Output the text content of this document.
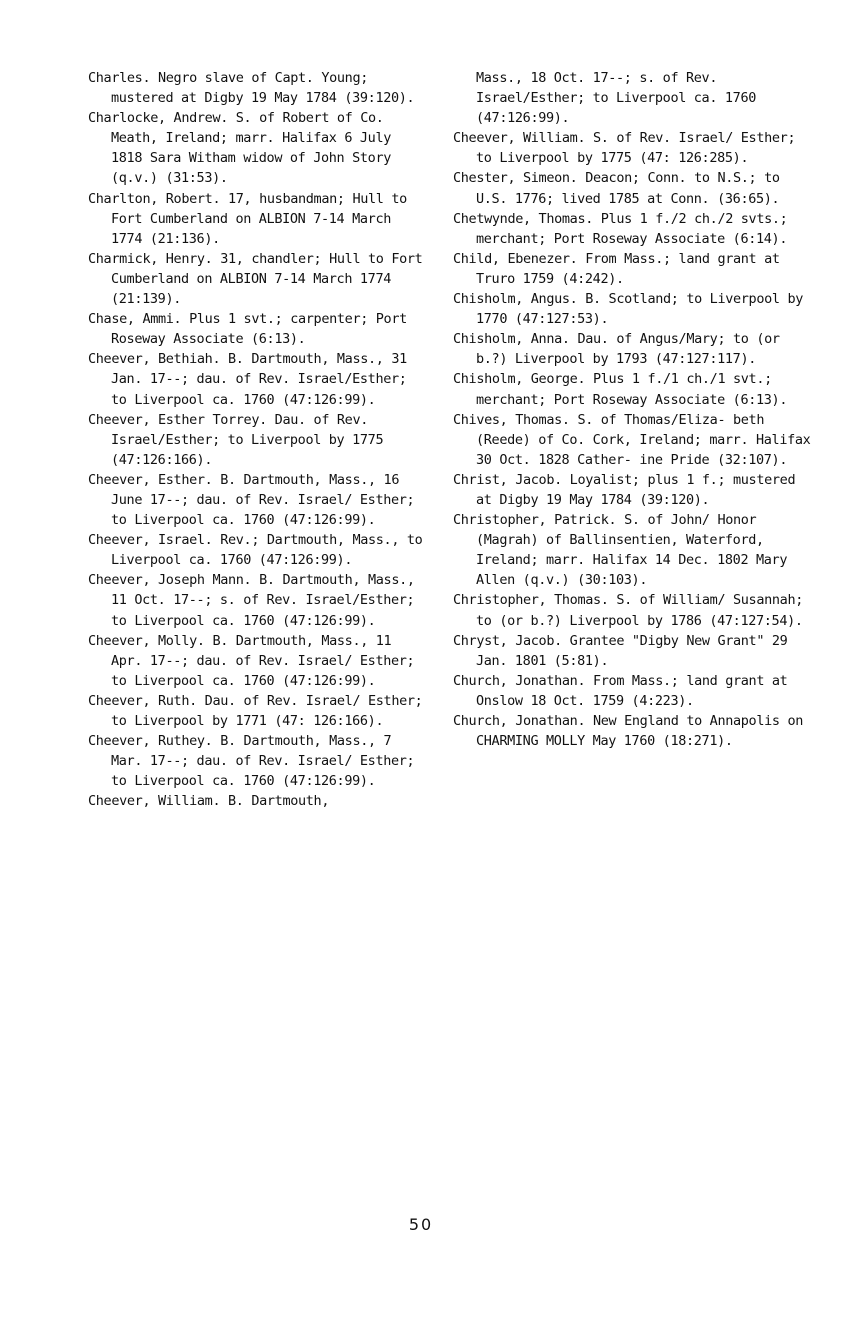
Charles. Negro slave of Capt. Young; mustered at Digby 19 May 1784 (39:120).

Charlocke, Andrew. S. of Robert of Co. Meath, Ireland; marr. Halifax 6 July 1818 Sara Witham widow of John Story (q.v.) (31:53).

Charlton, Robert. 17, husbandman; Hull to Fort Cumberland on ALBION 7-14 March 1774 (21:136).

Charmick, Henry. 31, chandler; Hull to Fort Cumberland on ALBION 7-14 March 1774 (21:139).

Chase, Ammi. Plus 1 svt.; carpenter; Port Roseway Associate (6:13).

Cheever, Bethiah. B. Dartmouth, Mass., 31 Jan. 17--; dau. of Rev. Israel/Esther; to Liverpool ca. 1760 (47:126:99).

Cheever, Esther Torrey. Dau. of Rev. Israel/Esther; to Liverpool by 1775 (47:126:166).

Cheever, Esther. B. Dartmouth, Mass., 16 June 17--; dau. of Rev. Israel/ Esther; to Liverpool ca. 1760 (47:126:99).

Cheever, Israel. Rev.; Dartmouth, Mass., to Liverpool ca. 1760 (47:126:99).

Cheever, Joseph Mann. B. Dartmouth, Mass., 11 Oct. 17--; s. of Rev. Israel/Esther; to Liverpool ca. 1760 (47:126:99).

Cheever, Molly. B. Dartmouth, Mass., 11 Apr. 17--; dau. of Rev. Israel/ Esther; to Liverpool ca. 1760 (47:126:99).

Cheever, Ruth. Dau. of Rev. Israel/ Esther; to Liverpool by 1771 (47: 126:166).

Cheever, Ruthey. B. Dartmouth, Mass., 7 Mar. 17--; dau. of Rev. Israel/ Esther; to Liverpool ca. 1760 (47:126:99).

Cheever, William. B. Dartmouth,

Mass., 18 Oct. 17--; s. of Rev. Israel/Esther; to Liverpool ca. 1760 (47:126:99).

Cheever, William. S. of Rev. Israel/ Esther; to Liverpool by 1775 (47: 126:285).

Chester, Simeon. Deacon; Conn. to N.S.; to U.S. 1776; lived 1785 at Conn. (36:65).

Chetwynde, Thomas. Plus 1 f./2 ch./2 svts.; merchant; Port Roseway Associate (6:14).

Child, Ebenezer. From Mass.; land grant at Truro 1759 (4:242).

Chisholm, Angus. B. Scotland; to Liverpool by 1770 (47:127:53).

Chisholm, Anna. Dau. of Angus/Mary; to (or b.?) Liverpool by 1793 (47:127:117).

Chisholm, George. Plus 1 f./1 ch./1 svt.; merchant; Port Roseway Associate (6:13).

Chives, Thomas. S. of Thomas/Eliza- beth (Reede) of Co. Cork, Ireland; marr. Halifax 30 Oct. 1828 Cather- ine Pride (32:107).

Christ, Jacob. Loyalist; plus 1 f.; mustered at Digby 19 May 1784 (39:120).

Christopher, Patrick. S. of John/ Honor (Magrah) of Ballinsentien, Waterford, Ireland; marr. Halifax 14 Dec. 1802 Mary Allen (q.v.) (30:103).

Christopher, Thomas. S. of William/ Susannah; to (or b.?) Liverpool by 1786 (47:127:54).

Chryst, Jacob. Grantee "Digby New Grant" 29 Jan. 1801 (5:81).

Church, Jonathan. From Mass.; land grant at Onslow 18 Oct. 1759 (4:223).

Church, Jonathan. New England to Annapolis on CHARMING MOLLY May 1760 (18:271).

50
